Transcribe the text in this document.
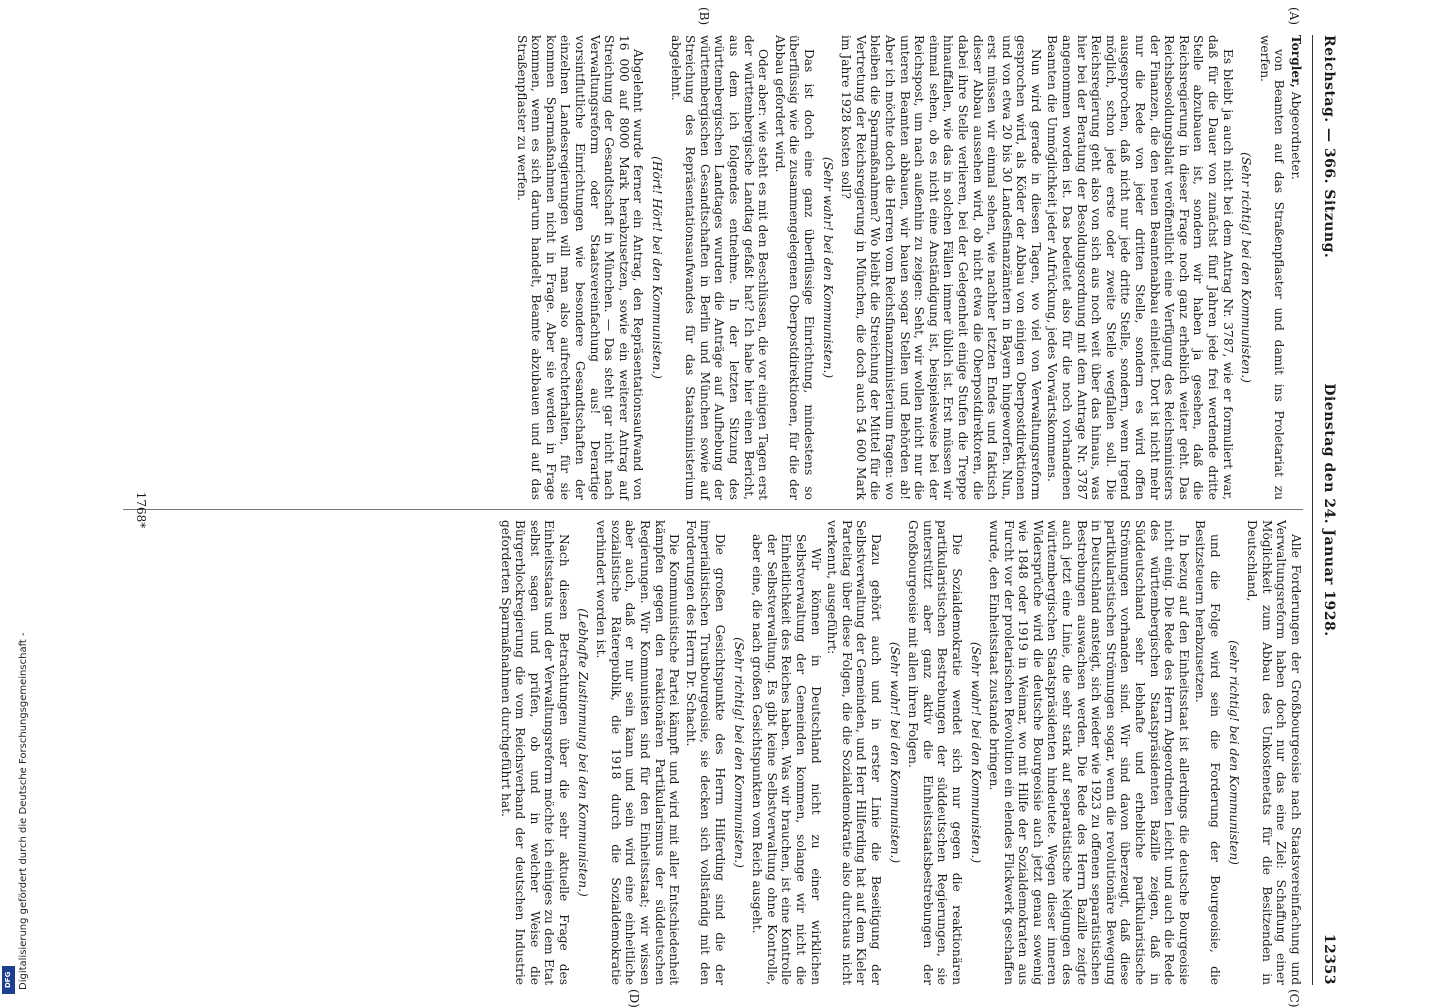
Reichstag. — 366. Sitzung.
Dienstag den 24. Januar 1928.
12353
(A)
(B)
(C)
(D)

Torgler, Abgeordneter.

von Beamten auf das Straßenpflaster und damit ins Proletariat zu werfen.

(Sehr richtig! bei den Kommunisten.)

Es bleibt ja auch nicht bei dem Antrag Nr. 3787, wie er formuliert war, daß für die Dauer von zunächst fünf Jahren jede frei werdende dritte Stelle abzubauen ist, sondern wir haben ja gesehen, daß die Reichsregierung in dieser Frage noch ganz erheblich weiter geht. Das Reichsbesoldungsblatt veröffentlicht eine Verfügung des Reichsministers der Finanzen, die den neuen Beamtenabbau einleitet. Dort ist nicht mehr nur die Rede von jeder dritten Stelle, sondern es wird offen ausgesprochen, daß nicht nur jede dritte Stelle, sondern, wenn irgend möglich, schon jede erste oder zweite Stelle wegfallen soll. Die Reichsregierung geht also von sich aus noch weit über das hinaus, was hier bei der Beratung der Besoldungsordnung mit dem Antrage Nr. 3787 angenommen worden ist. Das bedeutet also für die noch vorhandenen Beamten die Unmöglichkeit jeder Aufrückung, jedes Vorwärtskommens.

Nun wird gerade in diesen Tagen, wo viel von Verwaltungsreform gesprochen wird, als Köder der Abbau von einigen Oberpostdirektionen und von etwa 20 bis 30 Landesfinanzämtern in Bayern hingeworfen. Nun, erst müssen wir einmal sehen, wie nachher letzten Endes und faktisch dieser Abbau aussehen wird, ob nicht etwa die Oberpostdirektoren, die dabei ihre Stelle verlieren, bei der Gelegenheit einige Stufen die Treppe hinauffallen, wie das in solchen Fällen immer üblich ist. Erst müssen wir einmal sehen, ob es nicht eine Anständigung ist, beispielsweise bei der Reichspost, um nach außenhin zu zeigen: Seht, wir wollen nicht nur die unteren Beamten abbauen, wir bauen sogar Stellen und Behörden ab! Aber ich möchte doch die Herren vom Reichsfinanzministerium fragen: wo bleiben die Sparmaßnahmen? Wo bleibt die Streichung der Mittel für die Vertretung der Reichsregierung in München, die doch auch 54 600 Mark im Jahre 1928 kosten soll?

(Sehr wahr! bei den Kommunisten.)

Das ist doch eine ganz überflüssige Einrichtung, mindestens so überflüssig wie die zusammengelegenen Oberpostdirektionen, für die der Abbau gefordert wird.

Oder aber: wie steht es mit den Beschlüssen, die vor einigen Tagen erst der württembergische Landtag gefaßt hat? Ich habe hier einen Bericht, aus dem ich folgendes entnehme. In der letzten Sitzung des württembergischen Landtages wurden die Anträge auf Aufhebung der württembergischen Gesandtschaften in Berlin und München sowie auf Streichung des Repräsentationsaufwandes für das Staatsministerium abgelehnt.

(Hört! Hört! bei den Kommunisten.)

Abgelehnt wurde ferner ein Antrag, den Repräsentationsaufwand von 16 000 auf 8000 Mark herabzusetzen, sowie ein weiterer Antrag auf Streichung der Gesandtschaft in München. — Das steht gar nicht nach Verwaltungsreform oder Staatsvereinfachung aus! Derartige vorsintflutliche Einrichtungen wie besondere Gesandtschaften der einzelnen Landesregierungen will man also aufrechterhalten, für sie kommen Sparmaßnahmen nicht in Frage. Aber sie werden in Frage kommen, wenn es sich darum handelt, Beamte abzubauen und auf das Straßenpflaster zu werfen.

Alle Forderungen der Großbourgeoisie nach Staatsvereinfachung und Verwaltungsreform haben doch nur das eine Ziel: Schaffung einer Möglichkeit zum Abbau des Unkostenetats für die Besitzenden in Deutschland,

(sehr richtig! bei den Kommunisten)

und die Folge wird sein die Forderung der Bourgeoisie, die Besitzsteuern herabzusetzen.

In bezug auf den Einheitsstaat ist allerdings die deutsche Bourgeoisie nicht einig. Die Rede des Herrn Abgeordneten Leicht und auch die Rede des württembergischen Staatspräsidenten Bazille zeigen, daß in Süddeutschland sehr lebhafte und erhebliche partikularistische Strömungen vorhanden sind. Wir sind davon überzeugt, daß diese partikularistischen Strömungen sogar, wenn die revolutionäre Bewegung in Deutschland ansteigt, sich wieder wie 1923 zu offenen separatistischen Bestrebungen auswachsen werden. Die Rede des Herrn Bazille zeigte auch jetzt eine Linie, die sehr stark auf separatistische Neigungen des württembergischen Staatspräsidenten hindeutete. Wegen dieser inneren Widersprüche wird die deutsche Bourgeoisie auch jetzt genau sowenig wie 1848 oder 1919 in Weimar, wo mit Hilfe der Sozialdemokraten aus Furcht vor der proletarischen Revolution ein elendes Flickwerk geschaffen wurde, den Einheitsstaat zustande bringen.

(Sehr wahr! bei den Kommunisten.)

Die Sozialdemokratie wendet sich nur gegen die reaktionären partikularistischen Bestrebungen der süddeutschen Regierungen, sie unterstützt aber ganz aktiv die Einheitsstaatsbestrebungen der Großbourgeoisie mit allen ihren Folgen.

(Sehr wahr! bei den Kommunisten.)

Dazu gehört auch und in erster Linie die Beseitigung der Selbstverwaltung der Gemeinden, und Herr Hilferding hat auf dem Kieler Parteitag über diese Folgen, die die Sozialdemokratie also durchaus nicht verkennt, ausgeführt:

Wir können in Deutschland nicht zu einer wirklichen Selbstverwaltung der Gemeinden kommen, solange wir nicht die Einheitlichkeit des Reiches haben. Was wir brauchen, ist eine Kontrolle der Selbstverwaltung. Es gibt keine Selbstverwaltung ohne Kontrolle, aber eine, die nach großen Gesichtspunkten vom Reich ausgeht.

(Sehr richtig! bei den Kommunisten.)

Die großen Gesichtspunkte des Herrn Hilferding sind die der imperialistischen Trustbourgeoisie, sie decken sich vollständig mit den Forderungen des Herrn Dr. Schacht.

Die Kommunistische Partei kämpft und wird mit aller Entschiedenheit kämpfen gegen den reaktionären Partikularismus der süddeutschen Regierungen. Wir Kommunisten sind für den Einheitsstaat; wir wissen aber auch, daß er nur sein kann und sein wird eine einheitliche sozialistische Räterepublik, die 1918 durch die Sozialdemokratie verhindert worden ist.

(Lebhafte Zustimmung bei den Kommunisten.)

Nach diesen Betrachtungen über die sehr aktuelle Frage des Einheitsstaats und der Verwaltungsreform möchte ich einiges zu dem Etat selbst sagen und prüfen, ob und in welcher Weise die Bürgerblockregierung die vom Reichsverband der deutschen Industrie geforderten Sparmaßnahmen durchgeführt hat.

1768*
Digitalisierung gefördert durch die Deutsche Forschungsgemeinschaft -
DFG
